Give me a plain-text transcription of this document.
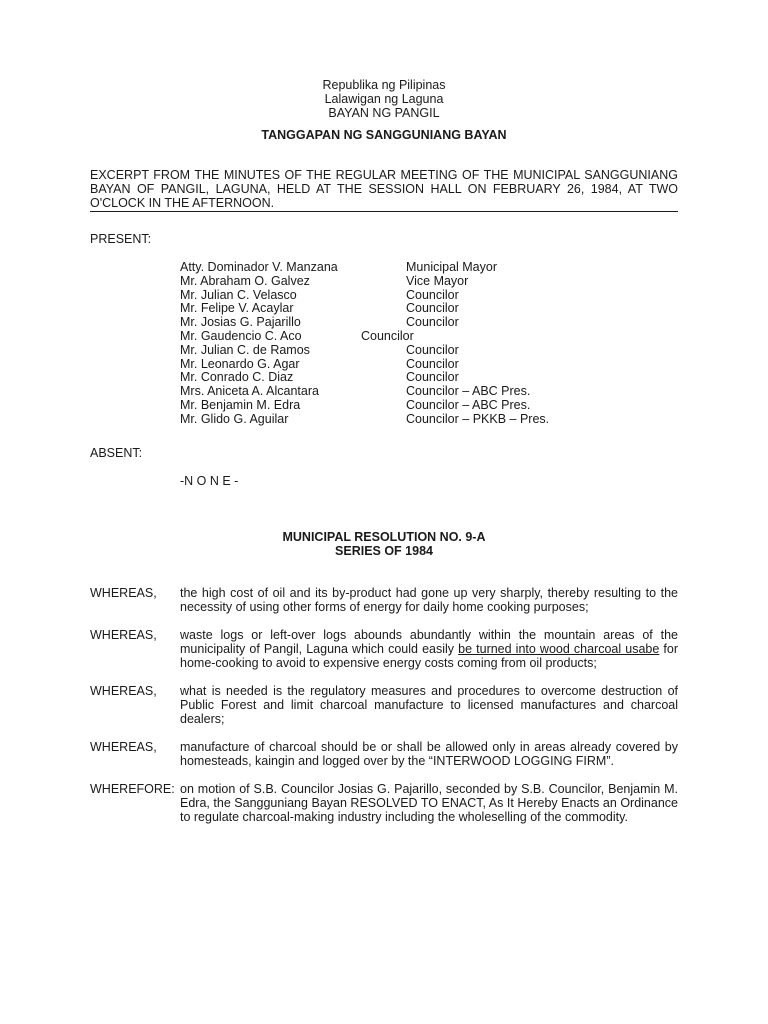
Republika ng Pilipinas
Lalawigan ng Laguna
BAYAN NG PANGIL
TANGGAPAN NG SANGGUNIANG BAYAN
EXCERPT FROM THE MINUTES OF THE REGULAR MEETING OF THE MUNICIPAL SANGGUNIANG BAYAN OF PANGIL, LAGUNA, HELD AT THE SESSION HALL ON FEBRUARY 26, 1984, AT TWO O'CLOCK IN THE AFTERNOON.
PRESENT:
Atty. Dominador V. Manzana	Municipal Mayor
Mr. Abraham O. Galvez	Vice Mayor
Mr. Julian C. Velasco	Councilor
Mr. Felipe V. Acaylar	Councilor
Mr. Josias G. Pajarillo	Councilor
Mr. Gaudencio C. Aco	Councilor
Mr. Julian C. de Ramos	Councilor
Mr. Leonardo G. Agar	Councilor
Mr. Conrado C. Diaz	Councilor
Mrs. Aniceta A. Alcantara	Councilor – ABC Pres.
Mr. Benjamin M. Edra	Councilor – ABC Pres.
Mr. Glido G. Aguilar	Councilor – PKKB – Pres.
ABSENT:
-N O N E -
MUNICIPAL RESOLUTION NO. 9-A
SERIES OF 1984
WHEREAS, the high cost of oil and its by-product had gone up very sharply, thereby resulting to the necessity of using other forms of energy for daily home cooking purposes;
WHEREAS, waste logs or left-over logs abounds abundantly within the mountain areas of the municipality of Pangil, Laguna which could easily be turned into wood charcoal usabe for home-cooking to avoid to expensive energy costs coming from oil products;
WHEREAS, what is needed is the regulatory measures and procedures to overcome destruction of Public Forest and limit charcoal manufacture to licensed manufactures and charcoal dealers;
WHEREAS, manufacture of charcoal should be or shall be allowed only in areas already covered by homesteads, kaingin and logged over by the “INTERWOOD LOGGING FIRM”.
WHEREFORE: on motion of S.B. Councilor Josias G. Pajarillo, seconded by S.B. Councilor, Benjamin M. Edra, the Sangguniang Bayan RESOLVED TO ENACT, As It Hereby Enacts an Ordinance to regulate charcoal-making industry including the wholeselling of the commodity.
